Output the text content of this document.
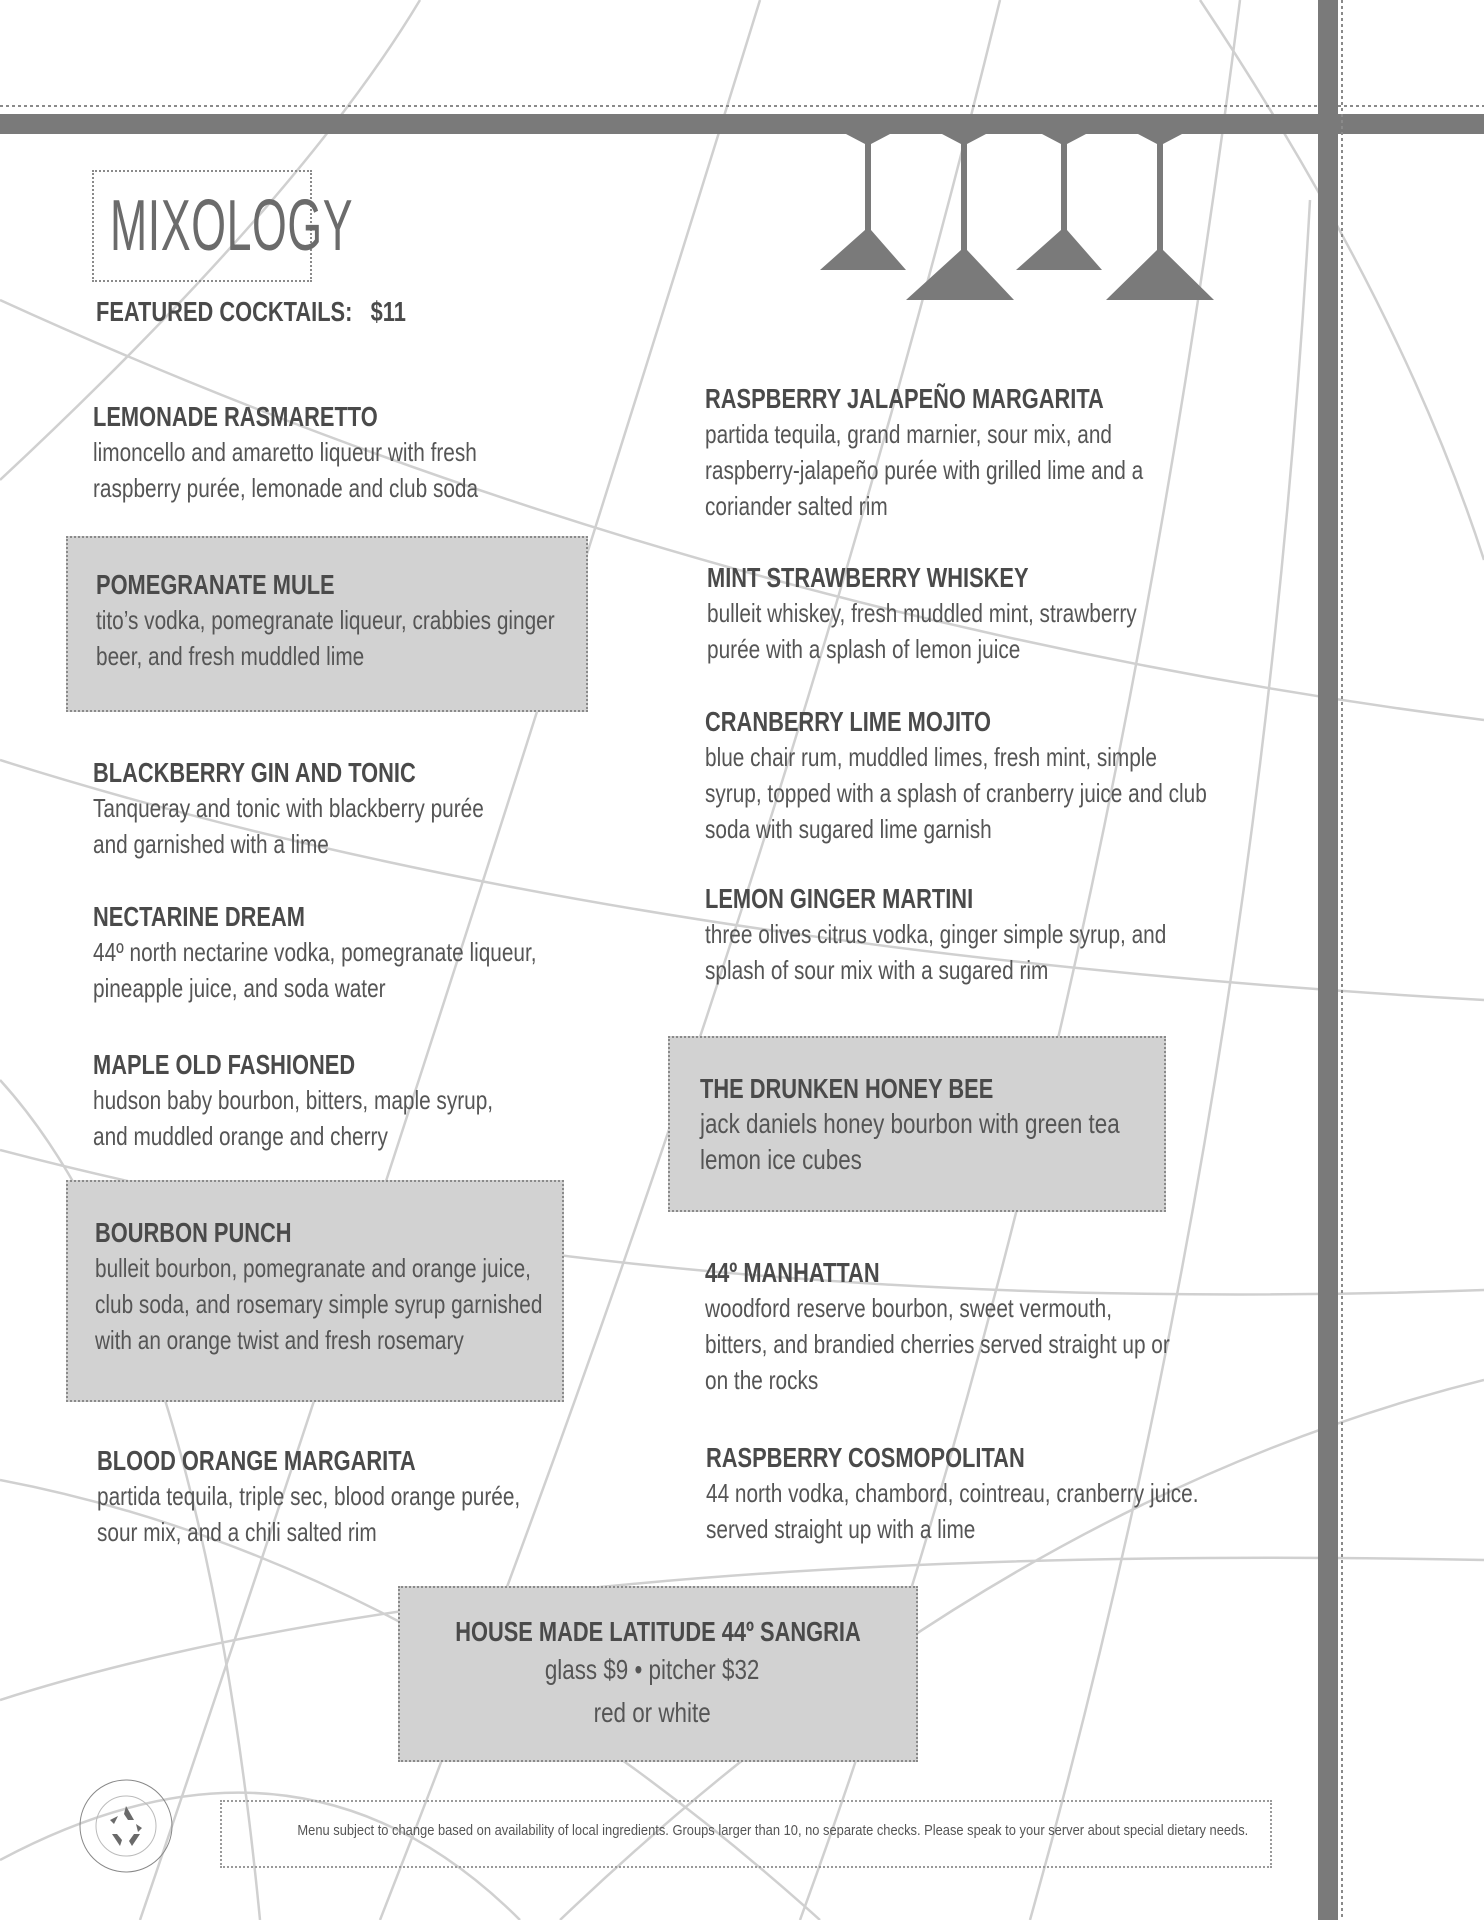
MIXOLOGY
FEATURED COCKTAILS: $11
LEMONADE RASMARETTO
limoncello and amaretto liqueur with fresh
raspberry purée, lemonade and club soda
POMEGRANATE MULE
tito’s vodka, pomegranate liqueur, crabbies ginger
beer, and fresh muddled lime
BLACKBERRY GIN AND TONIC
Tanqueray and tonic with blackberry purée
and garnished with a lime
NECTARINE DREAM
44º north nectarine vodka, pomegranate liqueur,
pineapple juice, and soda water
MAPLE OLD FASHIONED
hudson baby bourbon, bitters, maple syrup,
and muddled orange and cherry
BOURBON PUNCH
bulleit bourbon, pomegranate and orange juice,
club soda, and rosemary simple syrup garnished
with an orange twist and fresh rosemary
BLOOD ORANGE MARGARITA
partida tequila, triple sec, blood orange purée,
sour mix, and a chili salted rim
RASPBERRY JALAPEÑO MARGARITA
partida tequila, grand marnier, sour mix, and
raspberry-jalapeño purée with grilled lime and a
coriander salted rim
MINT STRAWBERRY WHISKEY
bulleit whiskey, fresh muddled mint, strawberry
purée with a splash of lemon juice
CRANBERRY LIME MOJITO
blue chair rum, muddled limes, fresh mint, simple
syrup, topped with a splash of cranberry juice and club
soda with sugared lime garnish
LEMON GINGER MARTINI
three olives citrus vodka, ginger simple syrup, and
splash of sour mix with a sugared rim
THE DRUNKEN HONEY BEE
jack daniels honey bourbon with green tea
lemon ice cubes
44º MANHATTAN
woodford reserve bourbon, sweet vermouth,
bitters, and brandied cherries served straight up or
on the rocks
RASPBERRY COSMOPOLITAN
44 north vodka, chambord, cointreau, cranberry juice.
served straight up with a lime
HOUSE MADE LATITUDE 44º SANGRIA
glass $9 • pitcher $32
red or white
Menu subject to change based on availability of local ingredients. Groups larger than 10, no separate checks. Please speak to your server about special dietary needs.
